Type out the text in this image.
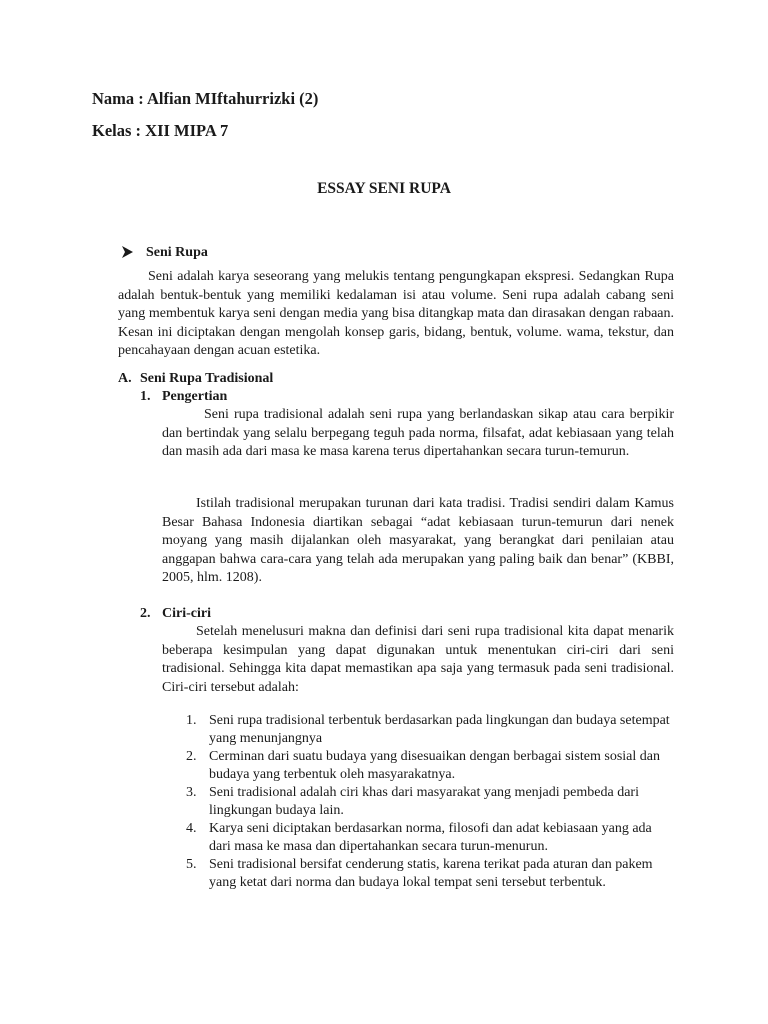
Nama : Alfian MIftahurrizki (2)

Kelas : XII MIPA 7

ESSAY SENI RUPA
Seni Rupa

Seni adalah karya seseorang yang melukis tentang pengungkapan ekspresi. Sedangkan Rupa adalah bentuk-bentuk yang memiliki kedalaman isi atau volume. Seni rupa adalah cabang seni yang membentuk karya seni dengan media yang bisa ditangkap mata dan dirasakan dengan rabaan. Kesan ini diciptakan dengan mengolah konsep garis, bidang, bentuk, volume. wama, tekstur, dan pencahayaan dengan acuan estetika.

A. Seni Rupa Tradisional
1. Pengertian

Seni rupa tradisional adalah seni rupa yang berlandaskan sikap atau cara berpikir dan bertindak yang selalu berpegang teguh pada norma, filsafat, adat kebiasaan yang telah dan masih ada dari masa ke masa karena terus dipertahankan secara turun-temurun.

Istilah tradisional merupakan turunan dari kata tradisi. Tradisi sendiri dalam Kamus Besar Bahasa Indonesia diartikan sebagai “adat kebiasaan turun-temurun dari nenek moyang yang masih dijalankan oleh masyarakat, yang berangkat dari penilaian atau anggapan bahwa cara-cara yang telah ada merupakan yang paling baik dan benar” (KBBI, 2005, hlm. 1208).

2. Ciri-ciri

Setelah menelusuri makna dan definisi dari seni rupa tradisional kita dapat menarik beberapa kesimpulan yang dapat digunakan untuk menentukan ciri-ciri dari seni tradisional. Sehingga kita dapat memastikan apa saja yang termasuk pada seni tradisional. Ciri-ciri tersebut adalah:

1. Seni rupa tradisional terbentuk berdasarkan pada lingkungan dan budaya setempat yang menunjangnya
2. Cerminan dari suatu budaya yang disesuaikan dengan berbagai sistem sosial dan budaya yang terbentuk oleh masyarakatnya.
3. Seni tradisional adalah ciri khas dari masyarakat yang menjadi pembeda dari lingkungan budaya lain.
4. Karya seni diciptakan berdasarkan norma, filosofi dan adat kebiasaan yang ada dari masa ke masa dan dipertahankan secara turun-menurun.
5. Seni tradisional bersifat cenderung statis, karena terikat pada aturan dan pakem yang ketat dari norma dan budaya lokal tempat seni tersebut terbentuk.
